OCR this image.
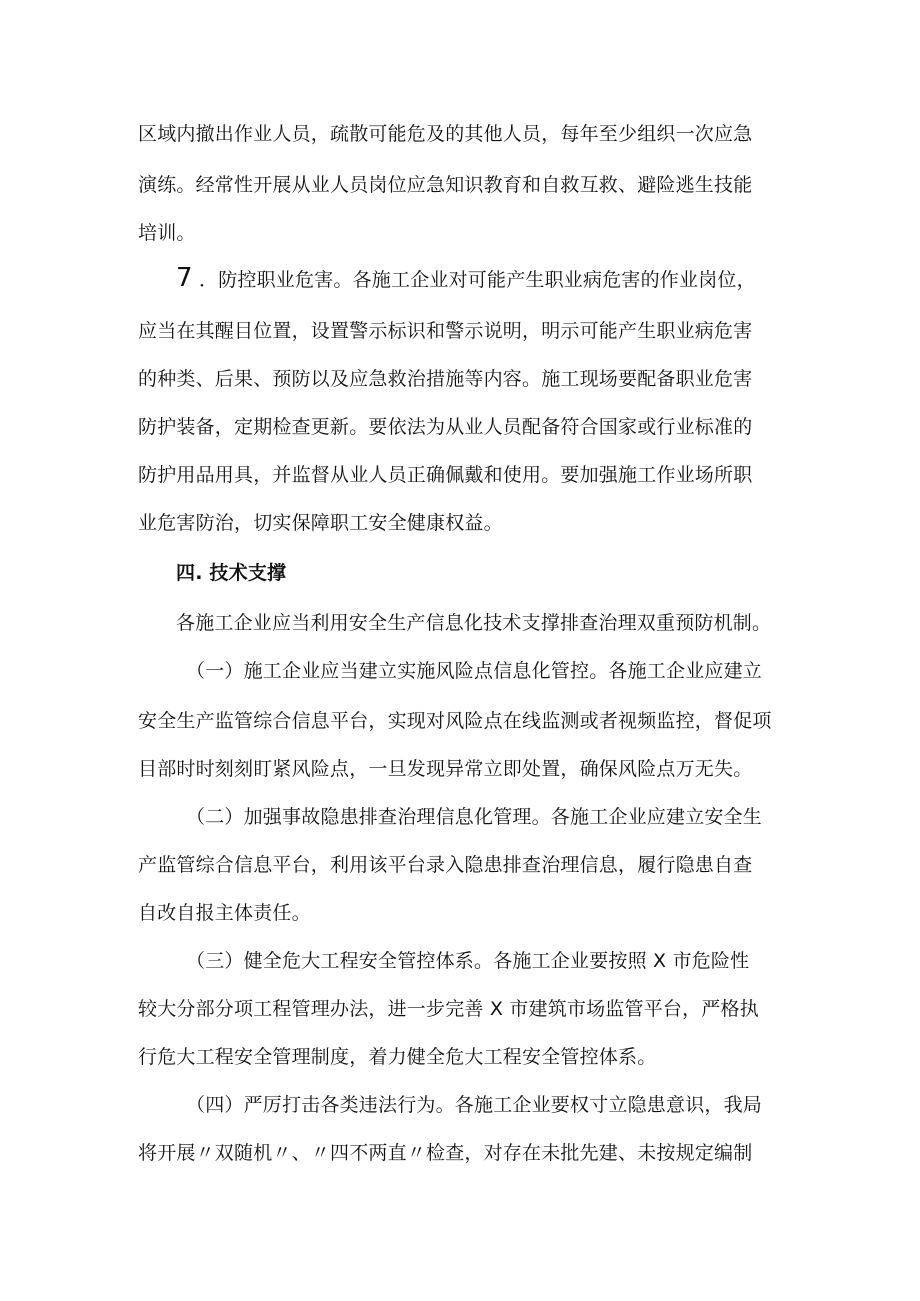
区域内撤出作业人员，疏散可能危及的其他人员，每年至少组织一次应急
演练。经常性开展从业人员岗位应急知识教育和自救互救、避险逃生技能
培训。
7 ．防控职业危害。各施工企业对可能产生职业病危害的作业岗位，
应当在其醒目位置，设置警示标识和警示说明，明示可能产生职业病危害
的种类、后果、预防以及应急救治措施等内容。施工现场要配备职业危害
防护装备，定期检查更新。要依法为从业人员配备符合国家或行业标准的
防护用品用具，并监督从业人员正确佩戴和使用。要加强施工作业场所职
业危害防治，切实保障职工安全健康权益。
四. 技术支撑
各施工企业应当利用安全生产信息化技术支撑排查治理双重预防机制。
（一）施工企业应当建立实施风险点信息化管控。各施工企业应建立
安全生产监管综合信息平台，实现对风险点在线监测或者视频监控，督促项
目部时时刻刻盯紧风险点，一旦发现异常立即处置，确保风险点万无失。
（二）加强事故隐患排查治理信息化管理。各施工企业应建立安全生
产监管综合信息平台，利用该平台录入隐患排查治理信息，履行隐患自查
自改自报主体责任。
（三）健全危大工程安全管控体系。各施工企业要按照 X 市危险性
较大分部分项工程管理办法，进一步完善 X 市建筑市场监管平台，严格执
行危大工程安全管理制度，着力健全危大工程安全管控体系。
（四）严厉打击各类违法行为。各施工企业要权寸立隐患意识，我局
将开展〃双随机〃、〃四不两直〃检查，对存在未批先建、未按规定编制
